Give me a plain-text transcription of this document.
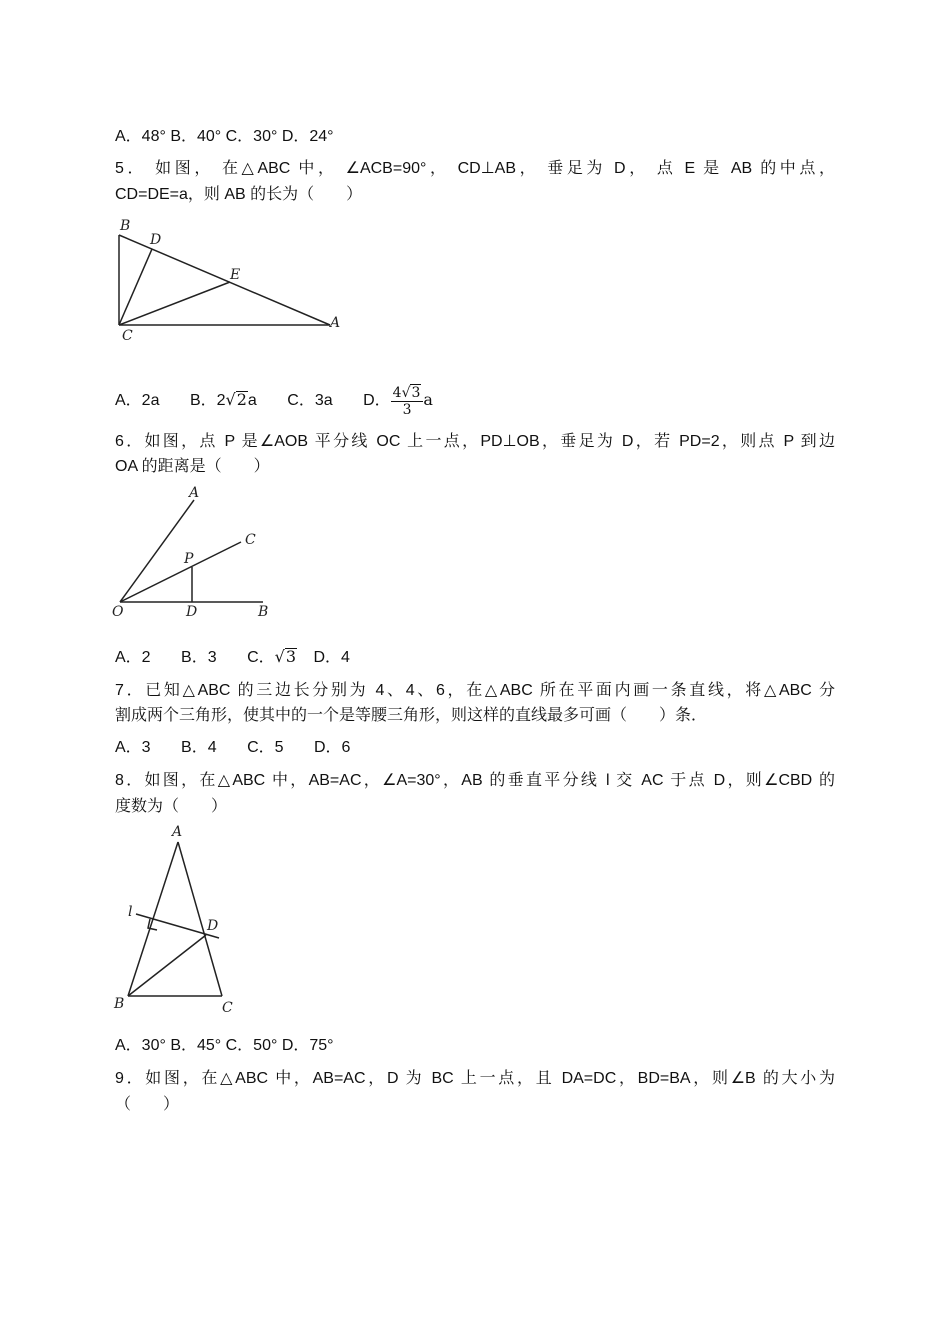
A．48° B．40° C．30° D．24°
5． 如图， 在△ABC 中， ∠ACB=90°， CD⊥AB， 垂足为 D， 点 E 是 AB 的中点，
CD=DE=a，则 AB 的长为（　　）
B
D
E
C
A
A．2a B．2√2a C．3a D． $\frac{4√3}{3}$ a
6．如图，点 P 是∠AOB 平分线 OC 上一点，PD⊥OB，垂足为 D，若 PD=2，则点 P 到边
OA 的距离是（　　）
A
C
P
O	D	B
A．2 B．3 C．√3 D．4
7．已知△ABC 的三边长分别为 4、4、6，在△ABC 所在平面内画一条直线，将△ABC 分
割成两个三角形，使其中的一个是等腰三角形，则这样的直线最多可画（　　）条．
A．3 B．4 C．5 D．6
8．如图，在△ABC 中，AB=AC，∠A=30°，AB 的垂直平分线 l 交 AC 于点 D，则∠CBD 的
度数为（　　）
A
l
D
B	C
A．30° B．45° C．50° D．75°
9．如图，在△ABC 中，AB=AC，D 为 BC 上一点，且 DA=DC，BD=BA，则∠B 的大小为
（　　）
